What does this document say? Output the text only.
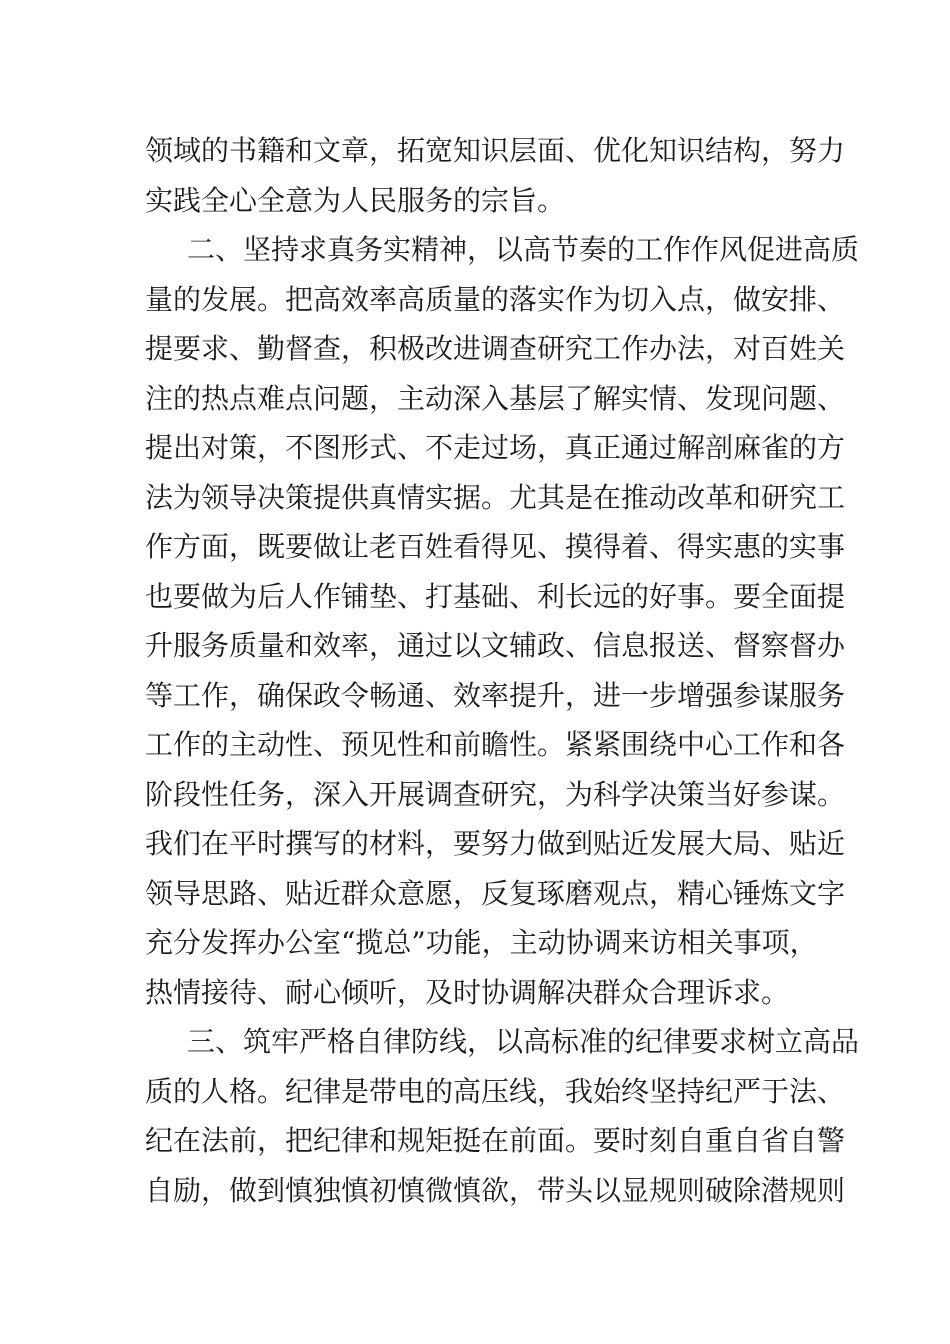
领域的书籍和文章，拓宽知识层面、优化知识结构，努力
实践全心全意为人民服务的宗旨。
二、坚持求真务实精神，以高节奏的工作作风促进高质
量的发展。把高效率高质量的落实作为切入点，做安排、
提要求、勤督查，积极改进调查研究工作办法，对百姓关
注的热点难点问题，主动深入基层了解实情、发现问题、
提出对策，不图形式、不走过场，真正通过解剖麻雀的方
法为领导决策提供真情实据。尤其是在推动改革和研究工
作方面，既要做让老百姓看得见、摸得着、得实惠的实事
也要做为后人作铺垫、打基础、利长远的好事。要全面提
升服务质量和效率，通过以文辅政、信息报送、督察督办
等工作，确保政令畅通、效率提升，进一步增强参谋服务
工作的主动性、预见性和前瞻性。紧紧围绕中心工作和各
阶段性任务，深入开展调查研究，为科学决策当好参谋。
我们在平时撰写的材料，要努力做到贴近发展大局、贴近
领导思路、贴近群众意愿，反复琢磨观点，精心锤炼文字
充分发挥办公室“揽总”功能，主动协调来访相关事项，
热情接待、耐心倾听，及时协调解决群众合理诉求。
三、筑牢严格自律防线，以高标准的纪律要求树立高品
质的人格。纪律是带电的高压线，我始终坚持纪严于法、
纪在法前，把纪律和规矩挺在前面。要时刻自重自省自警
自励，做到慎独慎初慎微慎欲，带头以显规则破除潜规则
